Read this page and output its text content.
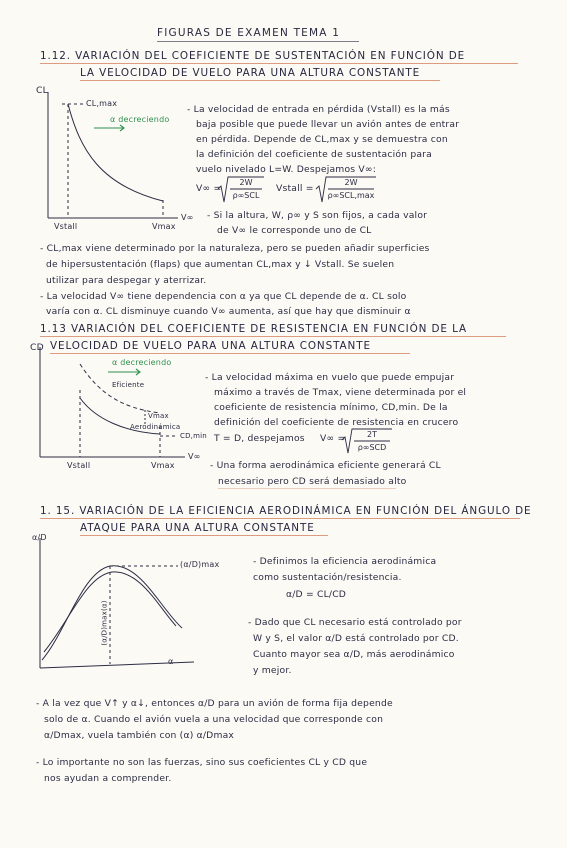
FIGURAS DE EXAMEN TEMA 1
1.12. VARIACIÓN DEL COEFICIENTE DE SUSTENTACIÓN EN FUNCIÓN DE
LA VELOCIDAD DE VUELO PARA UNA ALTURA CONSTANTE
CL
CL,max
α decreciendo
Vstall	Vmax
V∞
- La velocidad de entrada en pérdida (Vstall) es la más
baja posible que puede llevar un avión antes de entrar
en pérdida. Depende de CL,max y se demuestra con
la definición del coeficiente de sustentación para
vuelo nivelado L=W. Despejamos V∞:
V∞ =
2W
ρ∞SCL
Vstall =
2W
ρ∞SCL,max
- Si la altura, W, ρ∞ y S son fijos, a cada valor
de V∞ le corresponde uno de CL
- CL,max viene determinado por la naturaleza, pero se pueden añadir superficies
de hipersustentación (flaps) que aumentan CL,max y ↓ Vstall. Se suelen
utilizar para despegar y aterrizar.
- La velocidad V∞ tiene dependencia con α ya que CL depende de α. CL solo
varía con α. CL disminuye cuando V∞ aumenta, así que hay que disminuir α
1.13 VARIACIÓN DEL COEFICIENTE DE RESISTENCIA EN FUNCIÓN DE LA
VELOCIDAD DE VUELO PARA UNA ALTURA CONSTANTE
CD
α decreciendo
Eficiente
Vmax
Aerodinámica
CD,min
Vstall	Vmax
V∞
- La velocidad máxima en vuelo que puede empujar
máximo a través de Tmax, viene determinada por el
coeficiente de resistencia mínimo, CD,min. De la
definición del coeficiente de resistencia en crucero
T = D, despejamos V∞ =	2T
ρ∞SCD
- Una forma aerodinámica eficiente generará CL
necesario pero CD será demasiado alto
1. 15. VARIACIÓN DE LA EFICIENCIA AERODINÁMICA EN FUNCIÓN DEL ÁNGULO DE
ATAQUE PARA UNA ALTURA CONSTANTE
α/D
(α/D)max
(α/D)max(α)
α
- Definimos la eficiencia aerodinámica
como sustentación/resistencia.
α/D = CL/CD
- Dado que CL necesario está controlado por
W y S, el valor α/D está controlado por CD.
Cuanto mayor sea α/D, más aerodinámico
y mejor.
- A la vez que V↑ y α↓, entonces α/D para un avión de forma fija depende
solo de α. Cuando el avión vuela a una velocidad que corresponde con
α/Dmax, vuela también con (α) α/Dmax
- Lo importante no son las fuerzas, sino sus coeficientes CL y CD que
nos ayudan a comprender.
